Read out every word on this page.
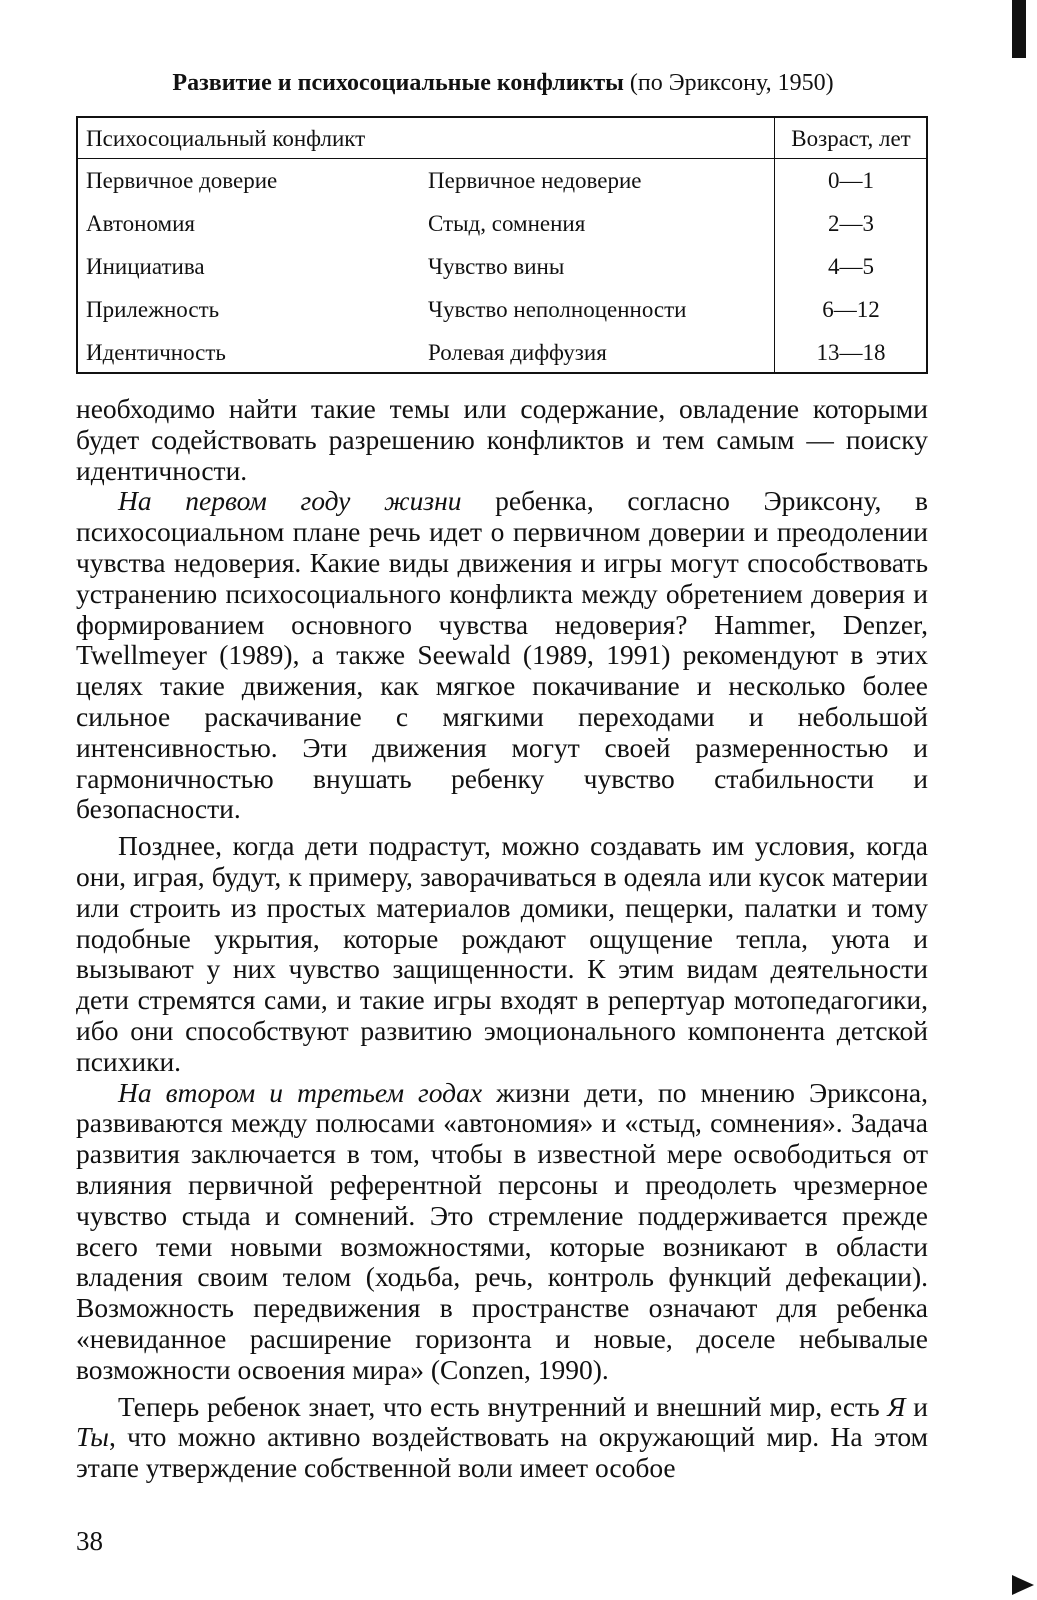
Развитие и психосоциальные конфликты (по Эриксону, 1950)
Психосоциальный конфликт	Возраст, лет
Первичное доверие	Первичное недоверие	0—1
Автономия	Стыд, сомнения	2—3
Инициатива	Чувство вины	4—5
Прилежность	Чувство неполноценности	6—12
Идентичность	Ролевая диффузия	13—18

необходимо найти такие темы или содержание, овладение которыми будет содействовать разрешению конфликтов и тем самым — поиску идентичности.

На первом году жизни ребенка, согласно Эриксону, в психосоциальном плане речь идет о первичном доверии и преодолении чувства недоверия. Какие виды движения и игры могут способствовать устранению психосоциального конфликта между обретением доверия и формированием основного чувства недоверия? Hammer, Denzer, Twellmeyer (1989), а также Seewald (1989, 1991) рекомендуют в этих целях такие движения, как мягкое покачивание и несколько более сильное раскачивание с мягкими переходами и небольшой интенсивностью. Эти движения могут своей размеренностью и гармоничностью внушать ребенку чувство стабильности и безопасности.

Позднее, когда дети подрастут, можно создавать им условия, когда они, играя, будут, к примеру, заворачиваться в одеяла или кусок материи или строить из простых материалов домики, пещерки, палатки и тому подобные укрытия, которые рождают ощущение тепла, уюта и вызывают у них чувство защищенности. К этим видам деятельности дети стремятся сами, и такие игры входят в репертуар мотопедагогики, ибо они способствуют развитию эмоционального компонента детской психики.

На втором и третьем годах жизни дети, по мнению Эриксона, развиваются между полюсами «автономия» и «стыд, сомнения». Задача развития заключается в том, чтобы в известной мере освободиться от влияния первичной референтной персоны и преодолеть чрезмерное чувство стыда и сомнений. Это стремление поддерживается прежде всего теми новыми возможностями, которые возникают в области владения своим телом (ходьба, речь, контроль функций дефекации). Возможность передвижения в пространстве означают для ребенка «невиданное расширение горизонта и новые, доселе небывалые возможности освоения мира» (Conzen, 1990).

Теперь ребенок знает, что есть внутренний и внешний мир, есть Я и Ты, что можно активно воздействовать на окружающий мир. На этом этапе утверждение собственной воли имеет особое

38
